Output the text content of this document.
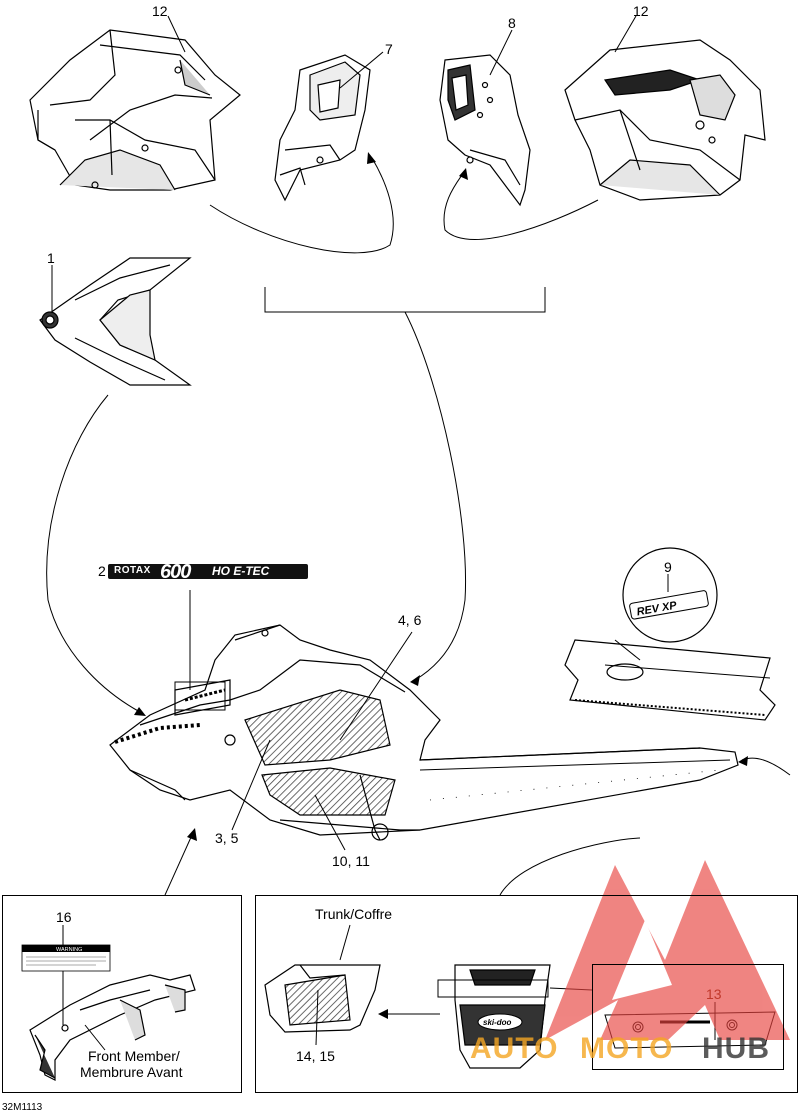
REV XP
WARNING
ski-doo
ROTAX 600 HO E-TEC
12
7
8
12
1
2	9
4, 6
3, 5
10, 11
16
13
14, 15
Trunk/Coffre
Front Member/
Membrure Avant
32M1113
AUTO MOTO HUB
